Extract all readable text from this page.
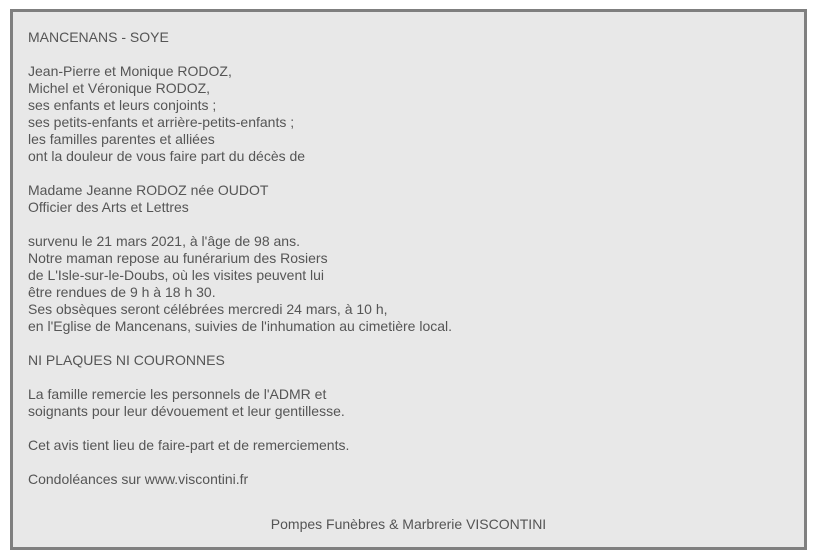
MANCENANS - SOYE

Jean-Pierre et Monique RODOZ,
Michel et Véronique RODOZ,
ses enfants et leurs conjoints ;
ses petits-enfants et arrière-petits-enfants ;
les familles parentes et alliées
ont la douleur de vous faire part du décès de

Madame Jeanne RODOZ née OUDOT
Officier des Arts et Lettres

survenu le 21 mars 2021, à l'âge de 98 ans.
Notre maman repose au funérarium des Rosiers
de L'Isle-sur-le-Doubs, où les visites peuvent lui
être rendues de 9 h à 18 h 30.
Ses obsèques seront célébrées mercredi 24 mars, à 10 h,
en l'Eglise de Mancenans, suivies de l'inhumation au cimetière local.

NI PLAQUES NI COURONNES

La famille remercie les personnels de l'ADMR et
soignants pour leur dévouement et leur gentillesse.

Cet avis tient lieu de faire-part et de remerciements.

Condoléances sur www.viscontini.fr

Pompes Funèbres & Marbrerie VISCONTINI
